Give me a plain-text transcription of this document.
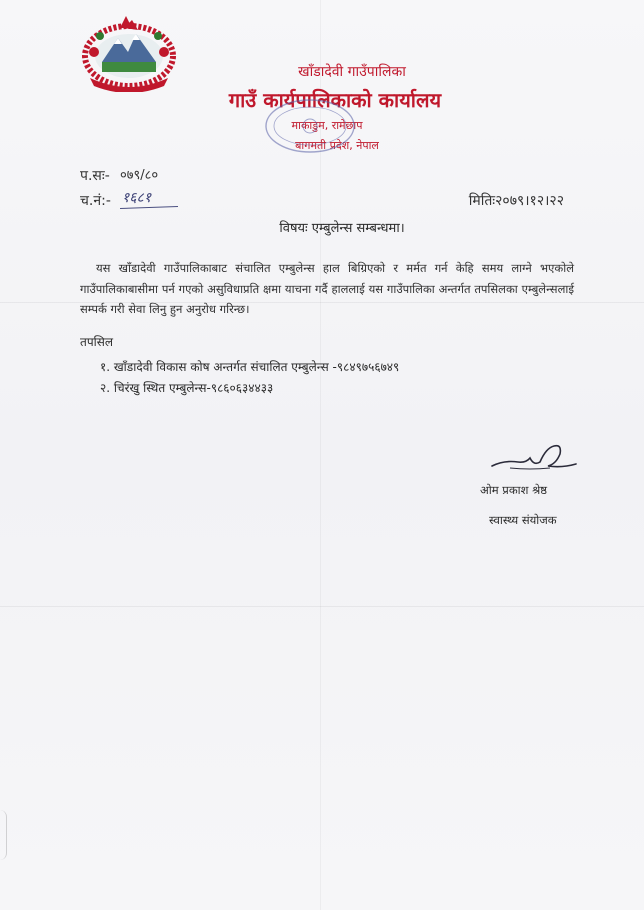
खाँडादेवी गाउँपालिका
गाउँ कार्यपालिकाको कार्यालय
माकाडुम, रामेछाप
बागमती प्रदेश, नेपाल
प.सः- ०७९/८०
च.नं:- १६८१	मितिः२०७९।१२।२२
विषयः एम्बुलेन्स सम्बन्धमा।
यस खाँडादेवी गाउँपालिकाबाट संचालित एम्बुलेन्स हाल बिग्रिएको र मर्मत गर्न केहि समय लाग्ने भएकोले गाउँपालिकाबासीमा पर्न गएको असुविधाप्रति क्षमा याचना गर्दै हाललाई यस गाउँपालिका अन्तर्गत तपसिलका एम्बुलेन्सलाई सम्पर्क गरी सेवा लिनु हुन अनुरोध गरिन्छ।
तपसिल
१. खाँडादेवी विकास कोष अन्तर्गत संचालित एम्बुलेन्स -९८४९७५६७४९
२. चिरंखु स्थित एम्बुलेन्स-९८६०६३४४३३
ओम प्रकाश श्रेष्ठ
स्वास्थ्य संयोजक
